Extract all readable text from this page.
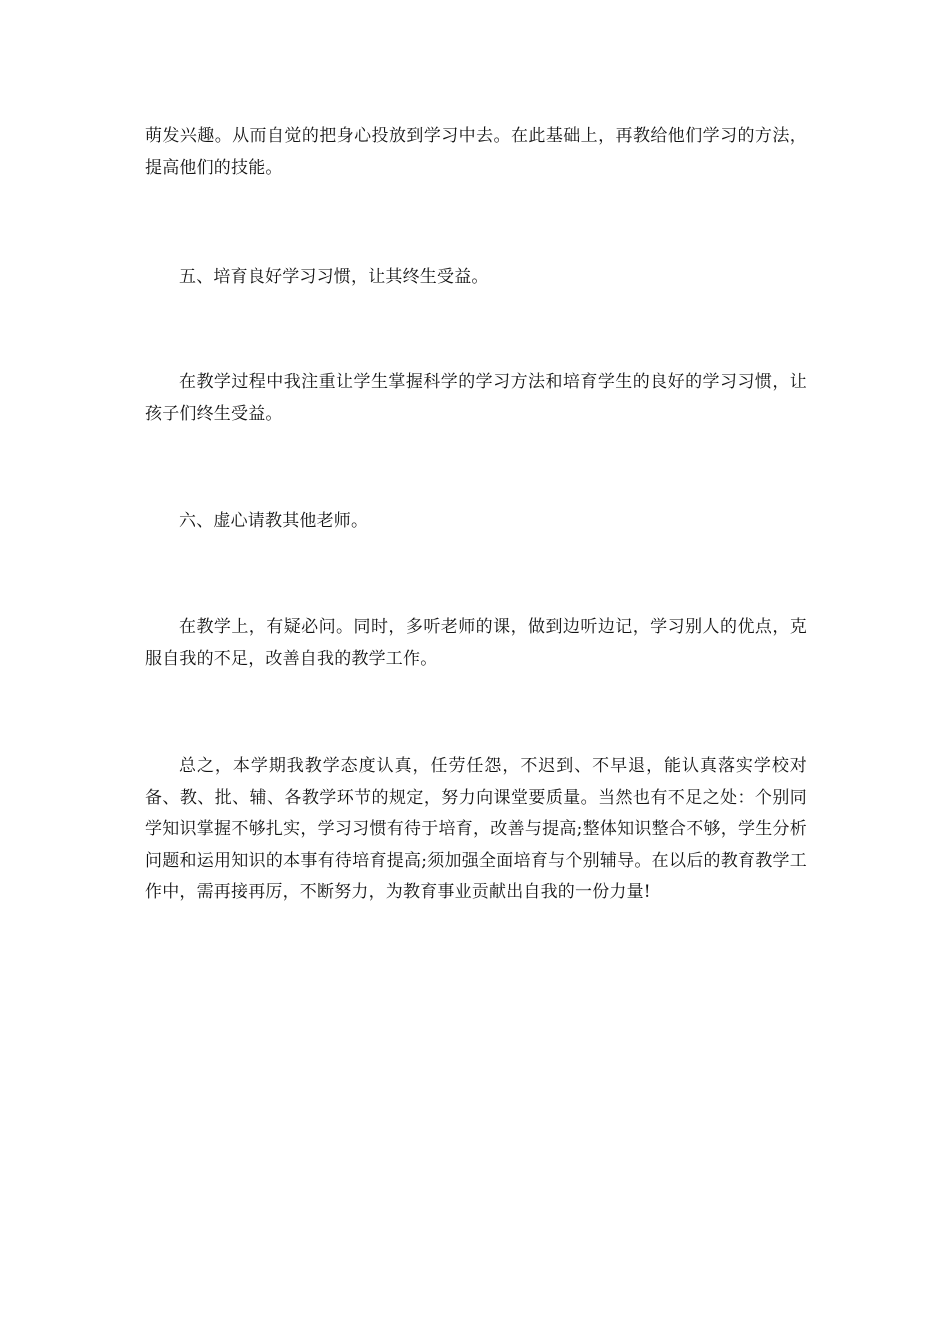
萌发兴趣。从而自觉的把身心投放到学习中去。在此基础上，再教给他们学习的方法，提高他们的技能。

五、培育良好学习习惯，让其终生受益。

在教学过程中我注重让学生掌握科学的学习方法和培育学生的良好的学习习惯，让孩子们终生受益。

六、虚心请教其他老师。

在教学上，有疑必问。同时，多听老师的课，做到边听边记，学习别人的优点，克服自我的不足，改善自我的教学工作。

总之，本学期我教学态度认真，任劳任怨，不迟到、不早退，能认真落实学校对备、教、批、辅、各教学环节的规定，努力向课堂要质量。当然也有不足之处：个别同学知识掌握不够扎实，学习习惯有待于培育，改善与提高;整体知识整合不够，学生分析问题和运用知识的本事有待培育提高;须加强全面培育与个别辅导。在以后的教育教学工作中，需再接再厉，不断努力，为教育事业贡献出自我的一份力量!
